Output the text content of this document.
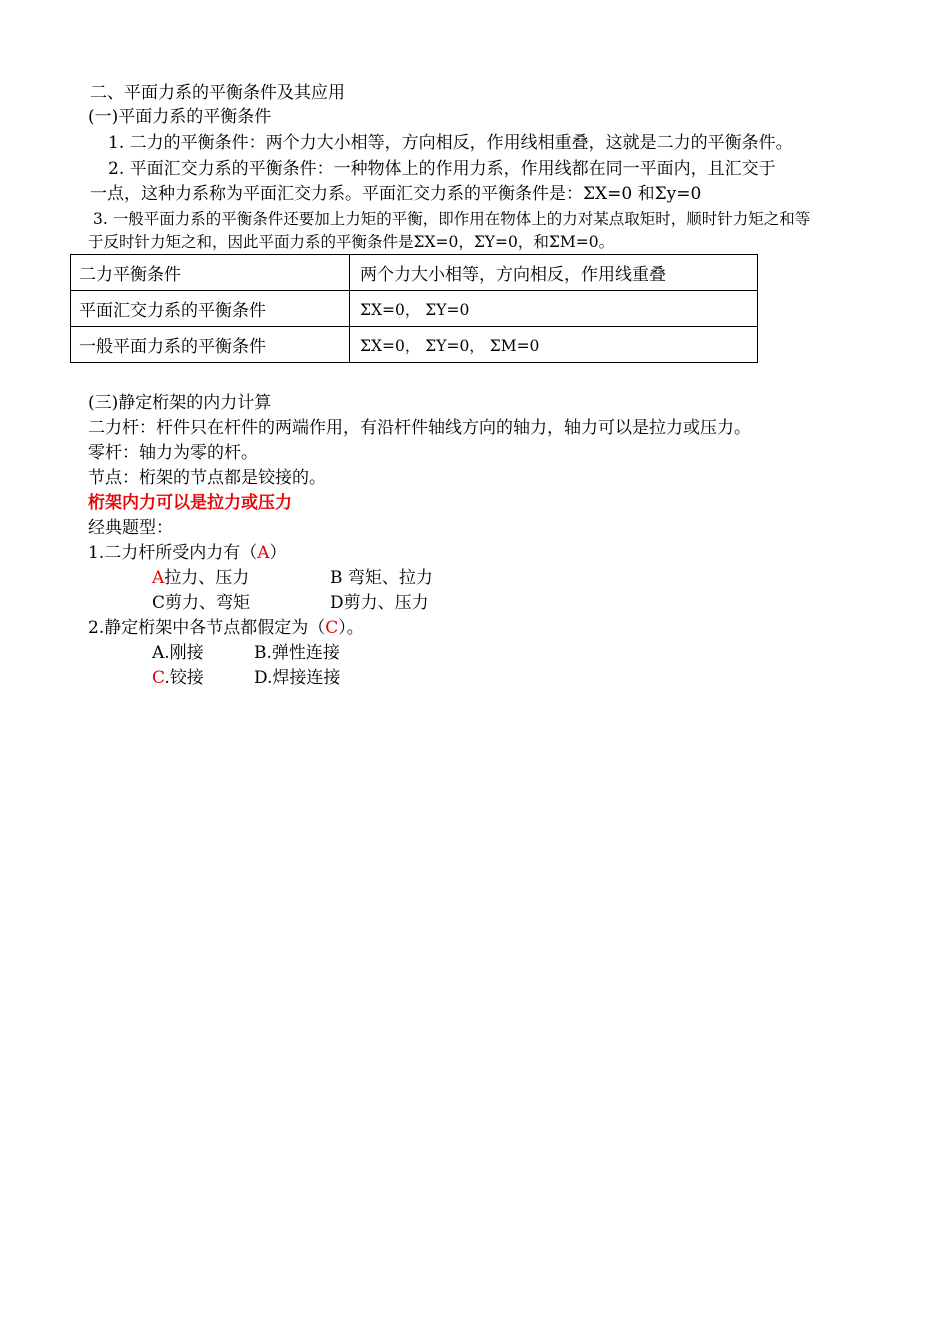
二、平面力系的平衡条件及其应用
(一)平面力系的平衡条件
1. 二力的平衡条件：两个力大小相等，方向相反，作用线相重叠，这就是二力的平衡条件。
2. 平面汇交力系的平衡条件：一种物体上的作用力系，作用线都在同一平面内，且汇交于
一点，这种力系称为平面汇交力系。平面汇交力系的平衡条件是：ΣX=0 和Σy=0
3. 一般平面力系的平衡条件还要加上力矩的平衡，即作用在物体上的力对某点取矩时，顺时针力矩之和等
于反时针力矩之和，因此平面力系的平衡条件是ΣX=0，ΣY=0，和ΣM=0。
二力平衡条件	两个力大小相等，方向相反，作用线重叠
平面汇交力系的平衡条件	ΣX=0， ΣY=0
一般平面力系的平衡条件	ΣX=0， ΣY=0， ΣM=0
(三)静定桁架的内力计算
二力杆：杆件只在杆件的两端作用，有沿杆件轴线方向的轴力，轴力可以是拉力或压力。
零杆：轴力为零的杆。
节点：桁架的节点都是铰接的。
桁架内力可以是拉力或压力
经典题型：
1.二力杆所受内力有（A）
A拉力、压力	B 弯矩、拉力
C剪力、弯矩	D剪力、压力
2.静定桁架中各节点都假定为（C）。
A.刚接	B.弹性连接
C.铰接	D.焊接连接
